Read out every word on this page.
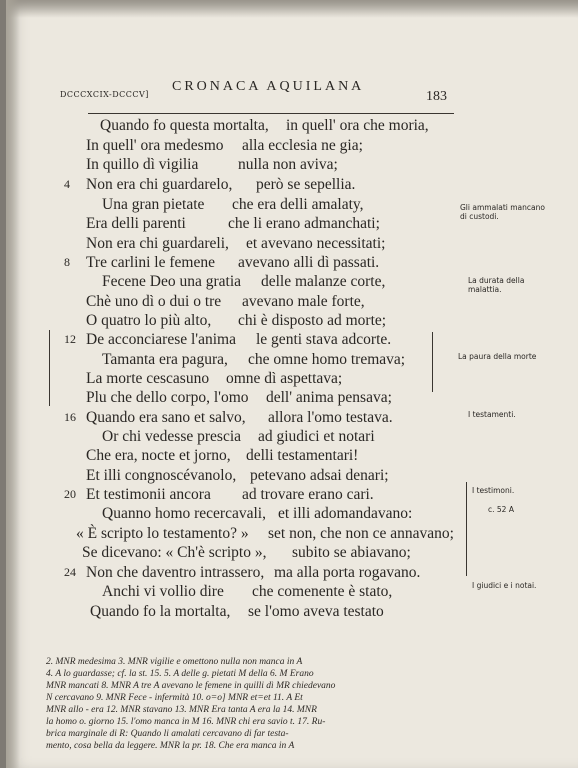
DCCCXCIX-DCCCV]
CRONACA AQUILANA
183
Quando fo questa mortalta, in quell' ora che moria,
In quell' ora medesmo alla ecclesia ne gia;
In quillo dì vigilia	nulla non aviva;
4 Non era chi guardarelo, però se sepellia.
Una gran pietate che era delli amalaty,
Era delli parenti	che li erano admanchati;
Non era chi guardareli, et avevano necessitati;
8 Tre carlini le femene avevano alli dì passati.
Fecene Deo una gratia delle malanze corte,
Chè uno dì o dui o tre avevano male forte,
O quatro lo più alto, chi è disposto ad morte;
12 De acconciarese l'anima le genti stava adcorte.
Tamanta era pagura, che omne homo tremava;
La morte cescasuno omne dì aspettava;
Plu che dello corpo, l'omo dell' anima pensava;
16 Quando era sano et salvo, allora l'omo testava.
Or chi vedesse prescia ad giudici et notari
Che era, nocte et jorno, delli testamentari!
Et illi congnoscévanolo, petevano adsai denari;
20 Et testimonii ancora ad trovare erano cari.
Quanno homo recercavali, et illi adomandavano:
« È scripto lo testamento? » set non, che non ce annavano;
Se dicevano: « Ch'è scripto », subito se abiavano;
24 Non che daventro intrassero, ma alla porta rogavano.
Anchi vi vollio dire che comenente è stato,
Quando fo la mortalta, se l'omo aveva testato
Gli ammalati mancano di custodi.
La durata della malattia.
La paura della morte
I testamenti.
I testimoni.
c. 52 A
I giudici e i notai.
2. MNR medesima 3. MNR vigilie e omettono nulla non manca in A
4. A lo guardasse; cf. la st. 15. 5. A delle g. pietati M della 6. M Erano
MNR mancati 8. MNR A tre A avevano le femene in quilli dì MR chiedevano
N cercavano 9. MNR Fece - infermità 10. o=o] MNR et=et 11. A Et
MNR allo - era 12. MNR stavano 13. MNR Era tanta A era la 14. MNR
la homo o. giorno 15. l'omo manca in M 16. MNR chi era savio t. 17. Ru-
brica marginale di R: Quando li amalati cercavano di far testa-
mento, cosa bella da leggere. MNR la pr. 18. Che era manca in A
